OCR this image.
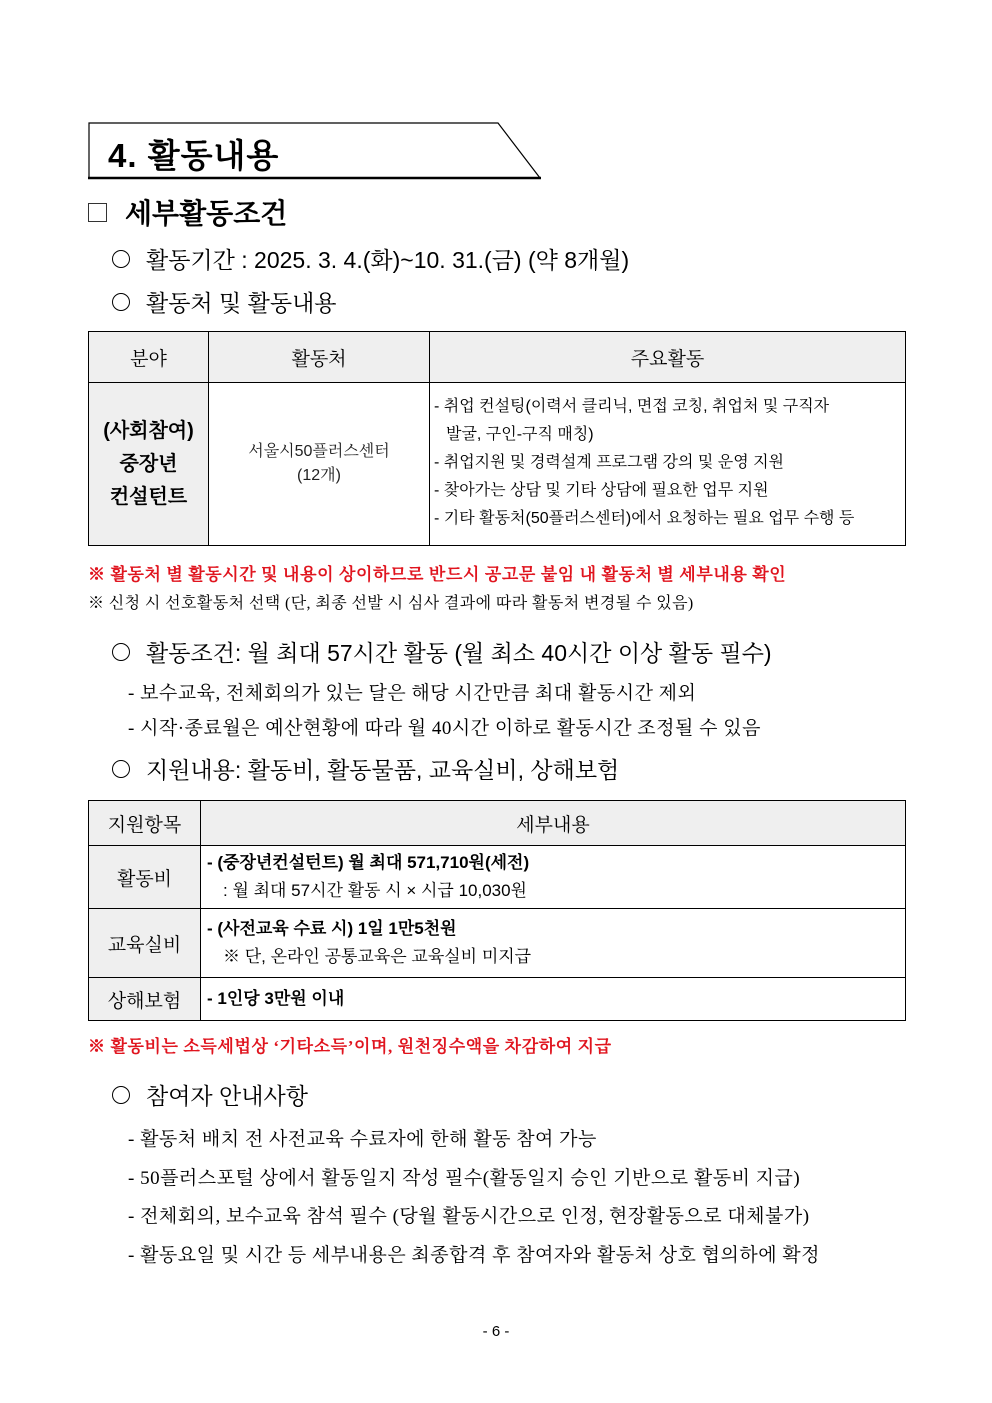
4. 활동내용
세부활동조건
활동기간 : 2025. 3. 4.(화)~10. 31.(금) (약 8개월)
활동처 및 활동내용
분야	활동처	주요활동

(사회참여)
중장년
컨설턴트

서울시50플러스센터
(12개)

- 취업 컨설팅(이력서 클리닉, 면접 코칭, 취업처 및 구직자
발굴, 구인-구직 매칭)
- 취업지원 및 경력설계 프로그램 강의 및 운영 지원
- 찾아가는 상담 및 기타 상담에 필요한 업무 지원
- 기타 활동처(50플러스센터)에서 요청하는 필요 업무 수행 등
※ 활동처 별 활동시간 및 내용이 상이하므로 반드시 공고문 붙임 내 활동처 별 세부내용 확인
※ 신청 시 선호활동처 선택 (단, 최종 선발 시 심사 결과에 따라 활동처 변경될 수 있음)
활동조건: 월 최대 57시간 활동 (월 최소 40시간 이상 활동 필수)
- 보수교육, 전체회의가 있는 달은 해당 시간만큼 최대 활동시간 제외
- 시작·종료월은 예산현황에 따라 월 40시간 이하로 활동시간 조정될 수 있음
지원내용: 활동비, 활동물품, 교육실비, 상해보험
지원항목	세부내용
활동비	- (중장년컨설턴트) 월 최대 571,710원(세전)
: 월 최대 57시간 활동 시 × 시급 10,030원

교육실비	- (사전교육 수료 시) 1일 1만5천원
※ 단, 온라인 공통교육은 교육실비 미지급

상해보험	- 1인당 3만원 이내
※ 활동비는 소득세법상 ‘기타소득’이며, 원천징수액을 차감하여 지급
참여자 안내사항
- 활동처 배치 전 사전교육 수료자에 한해 활동 참여 가능
- 50플러스포털 상에서 활동일지 작성 필수(활동일지 승인 기반으로 활동비 지급)
- 전체회의, 보수교육 참석 필수 (당월 활동시간으로 인정, 현장활동으로 대체불가)
- 활동요일 및 시간 등 세부내용은 최종합격 후 참여자와 활동처 상호 협의하에 확정
- 6 -
